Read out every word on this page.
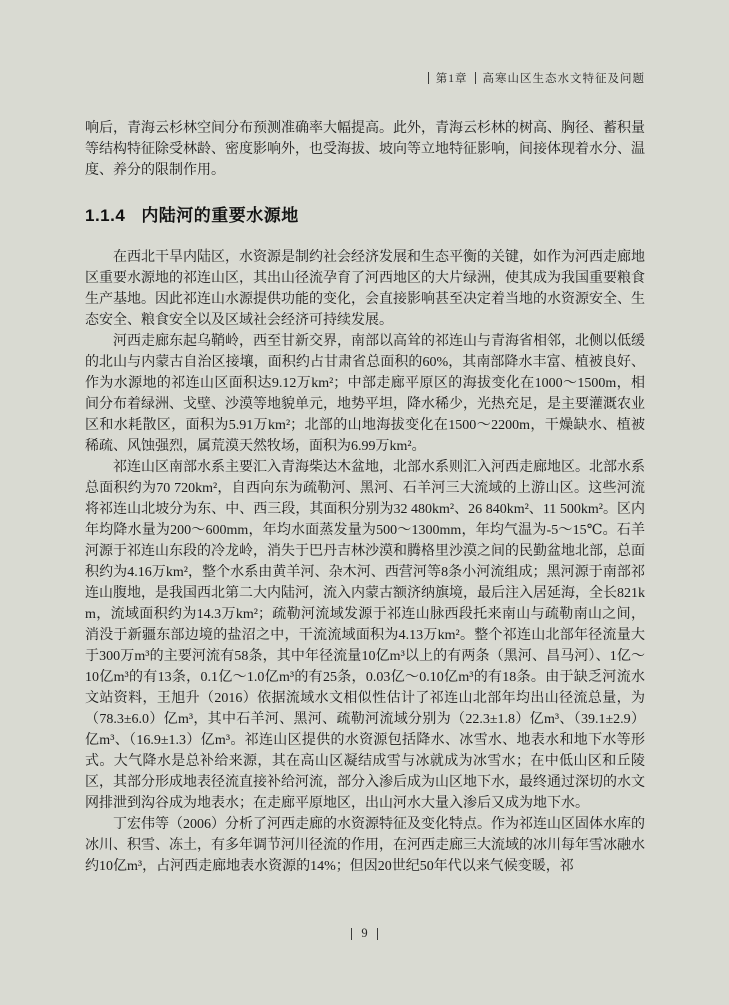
第1章 高寒山区生态水文特征及问题

响后，青海云杉林空间分布预测准确率大幅提高。此外，青海云杉林的树高、胸径、蓄积量等结构特征除受林龄、密度影响外，也受海拔、坡向等立地特征影响，间接体现着水分、温度、养分的限制作用。

1.1.4 内陆河的重要水源地

在西北干旱内陆区，水资源是制约社会经济发展和生态平衡的关键，如作为河西走廊地区重要水源地的祁连山区，其出山径流孕育了河西地区的大片绿洲，使其成为我国重要粮食生产基地。因此祁连山水源提供功能的变化，会直接影响甚至决定着当地的水资源安全、生态安全、粮食安全以及区域社会经济可持续发展。

河西走廊东起乌鞘岭，西至甘新交界，南部以高耸的祁连山与青海省相邻，北侧以低缓的北山与内蒙古自治区接壤，面积约占甘肃省总面积的60%，其南部降水丰富、植被良好、作为水源地的祁连山区面积达9.12万km²；中部走廊平原区的海拔变化在1000～1500m，相间分布着绿洲、戈壁、沙漠等地貌单元，地势平坦，降水稀少，光热充足，是主要灌溉农业区和水耗散区，面积为5.91万km²；北部的山地海拔变化在1500～2200m，干燥缺水、植被稀疏、风蚀强烈，属荒漠天然牧场，面积为6.99万km²。

祁连山区南部水系主要汇入青海柴达木盆地，北部水系则汇入河西走廊地区。北部水系总面积约为70 720km²，自西向东为疏勒河、黑河、石羊河三大流域的上游山区。这些河流将祁连山北坡分为东、中、西三段，其面积分别为32 480km²、26 840km²、11 500km²。区内年均降水量为200～600mm，年均水面蒸发量为500～1300mm，年均气温为-5～15℃。石羊河源于祁连山东段的冷龙岭，消失于巴丹吉林沙漠和腾格里沙漠之间的民勤盆地北部，总面积约为4.16万km²，整个水系由黄羊河、杂木河、西营河等8条小河流组成；黑河源于南部祁连山腹地，是我国西北第二大内陆河，流入内蒙古额济纳旗境，最后注入居延海，全长821km，流域面积约为14.3万km²；疏勒河流域发源于祁连山脉西段托来南山与疏勒南山之间，消没于新疆东部边境的盐沼之中，干流流域面积为4.13万km²。整个祁连山北部年径流量大于300万m³的主要河流有58条，其中年径流量10亿m³以上的有两条（黑河、昌马河）、1亿～10亿m³的有13条，0.1亿～1.0亿m³的有25条，0.03亿～0.10亿m³的有18条。由于缺乏河流水文站资料，王旭升（2016）依据流域水文相似性估计了祁连山北部年均出山径流总量，为（78.3±6.0）亿m³，其中石羊河、黑河、疏勒河流域分别为（22.3±1.8）亿m³、（39.1±2.9）亿m³、（16.9±1.3）亿m³。祁连山区提供的水资源包括降水、冰雪水、地表水和地下水等形式。大气降水是总补给来源，其在高山区凝结成雪与冰就成为冰雪水；在中低山区和丘陵区，其部分形成地表径流直接补给河流，部分入渗后成为山区地下水，最终通过深切的水文网排泄到沟谷成为地表水；在走廊平原地区，出山河水大量入渗后又成为地下水。

丁宏伟等（2006）分析了河西走廊的水资源特征及变化特点。作为祁连山区固体水库的冰川、积雪、冻土，有多年调节河川径流的作用，在河西走廊三大流域的冰川每年雪冰融水约10亿m³，占河西走廊地表水资源的14%；但因20世纪50年代以来气候变暖，祁

9
